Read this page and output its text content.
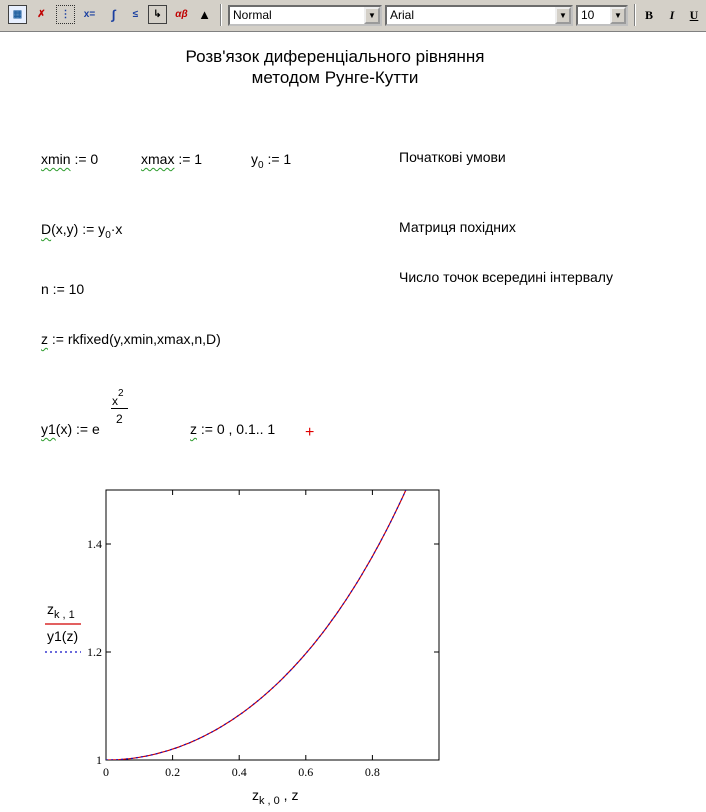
▦	✗	⋮	x=	∫	≤	↳	αβ ▲	Normal	▼	Arial	▼	10	▼	B	I	U
Розв'язок диференціального рівняння
методом Рунге-Кутти
xmin := 0	xmax := 1	$y_0$ := 1	Початкові умови
D(x,y) := $y_0\cdot x$	Матриця похідних
Число точок всередині інтервалу
n := 10
z := rkfixed(y,xmin,xmax,n,D)
y1(x) := e
$x^2$
2
z := 0 , 0.1.. 1 +
0	0.2	0.4	0.6	0.8
1
1.2
1.4
$z_{k , 1}$
y1(z)
$z_{k , 0}$ , z
